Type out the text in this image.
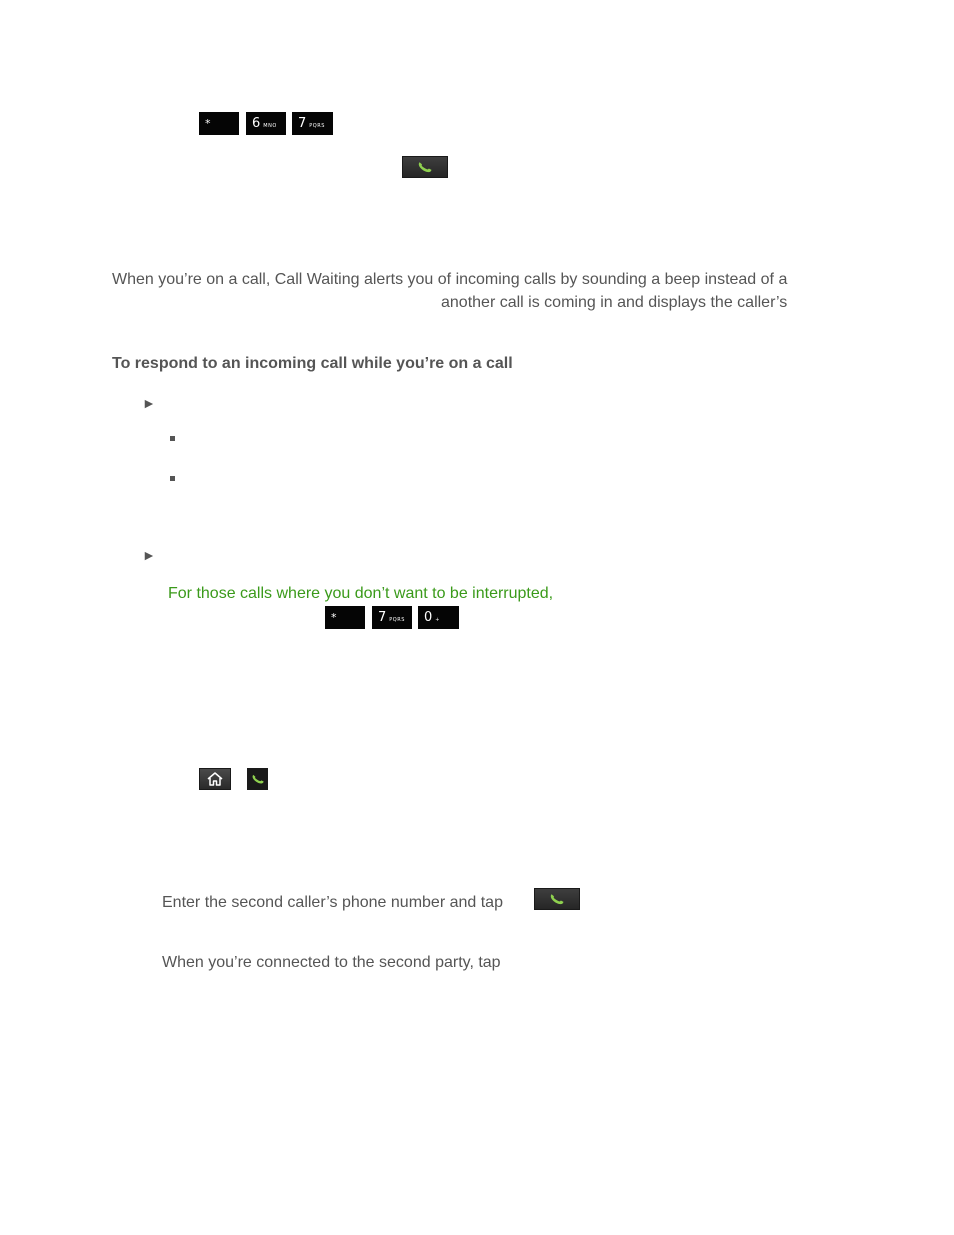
*	6 MNO 7 PQRS
When you’re on a call, Call Waiting alerts you of incoming calls by sounding a beep instead of a
another call is coming in and displays the caller’s
To respond to an incoming call while you’re on a call
►
►
For those calls where you don’t want to be interrupted,
*	7 PQRS 0 +
Enter the second caller’s phone number and tap
When you’re connected to the second party, tap
